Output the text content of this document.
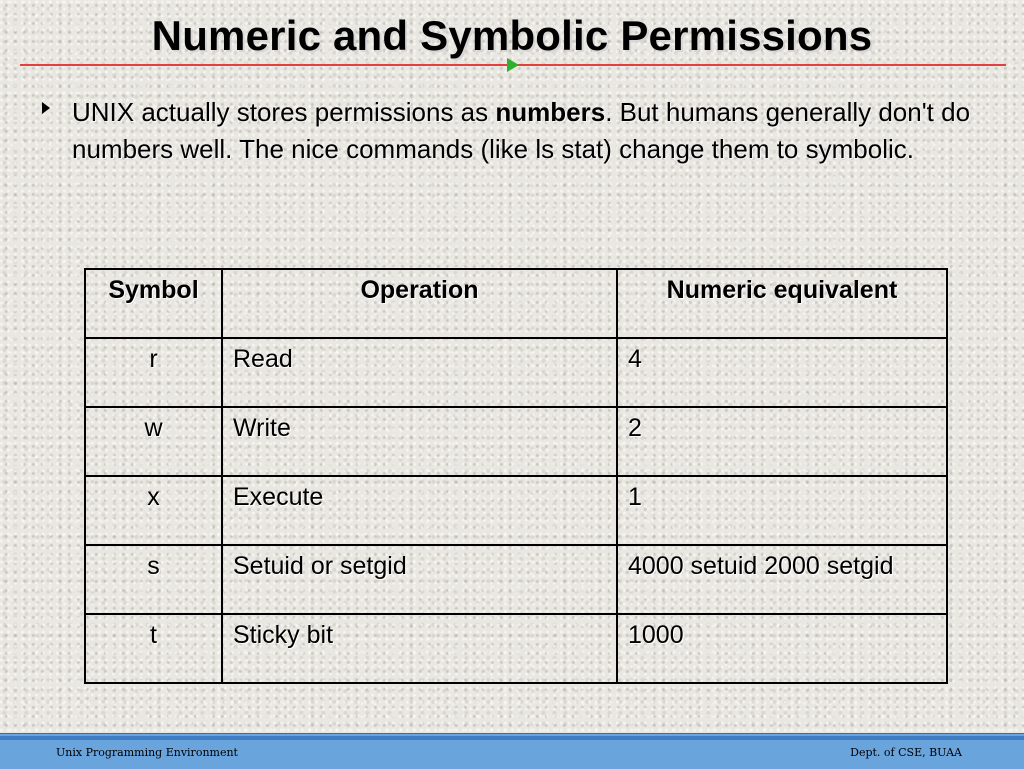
Numeric and Symbolic Permissions
UNIX actually stores permissions as numbers. But humans generally don't do numbers well. The nice commands (like ls stat) change them to symbolic.
Symbol	Operation	Numeric equivalent
r	Read	4
w	Write	2
x	Execute	1
s	Setuid or setgid	4000 setuid 2000 setgid
t	Sticky bit	1000
Unix Programming Environment	Dept. of CSE, BUAA
